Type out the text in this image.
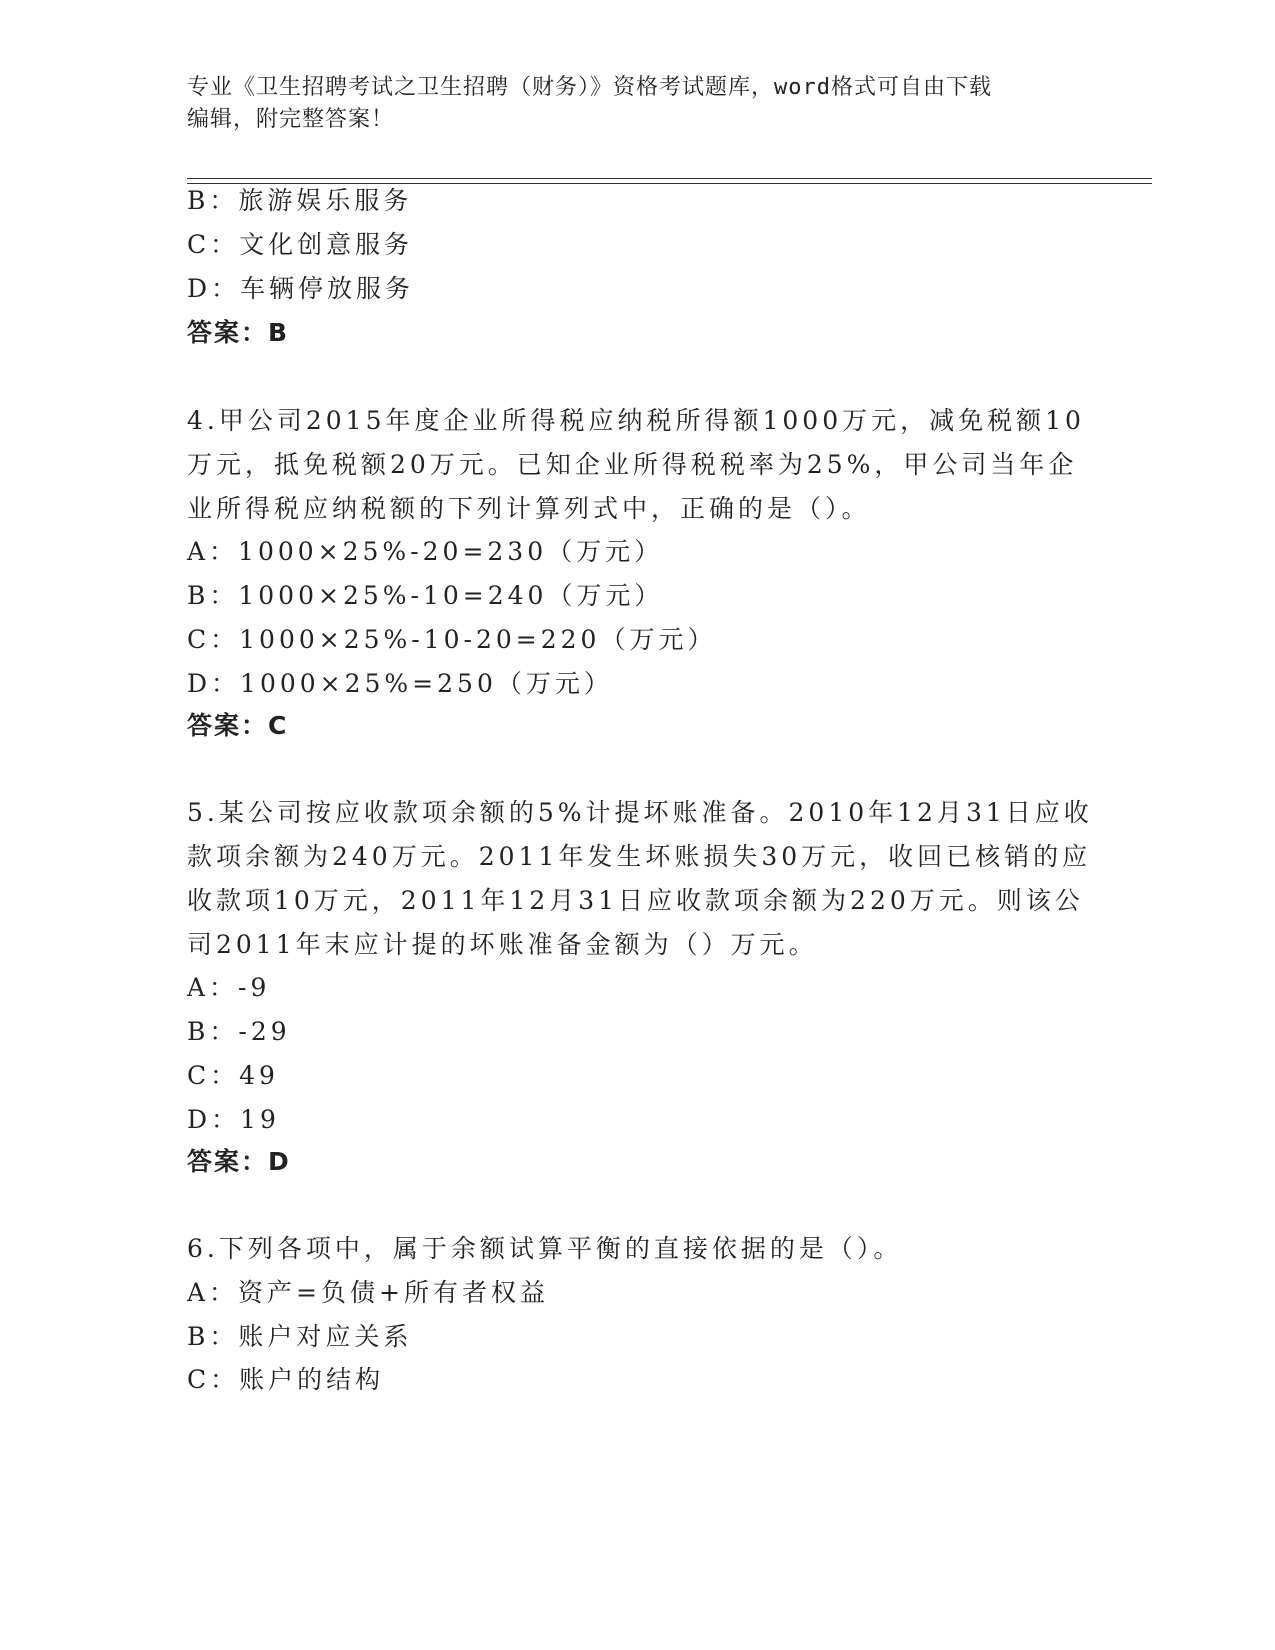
专业《卫生招聘考试之卫生招聘（财务）》资格考试题库，word格式可自由下载
编辑，附完整答案！
B：旅游娱乐服务
C：文化创意服务
D：车辆停放服务
答案：B
4.甲公司2015年度企业所得税应纳税所得额1000万元，减免税额10
万元，抵免税额20万元。已知企业所得税税率为25%，甲公司当年企
业所得税应纳税额的下列计算列式中，正确的是（）。
A：1000×25%-20=230（万元）
B：1000×25%-10=240（万元）
C：1000×25%-10-20=220（万元）
D：1000×25%=250（万元）
答案：C
5.某公司按应收款项余额的5%计提坏账准备。2010年12月31日应收
款项余额为240万元。2011年发生坏账损失30万元，收回已核销的应
收款项10万元，2011年12月31日应收款项余额为220万元。则该公
司2011年末应计提的坏账准备金额为（）万元。
A：-9
B：-29
C：49
D：19
答案：D
6.下列各项中，属于余额试算平衡的直接依据的是（）。
A：资产=负债+所有者权益
B：账户对应关系
C：账户的结构
